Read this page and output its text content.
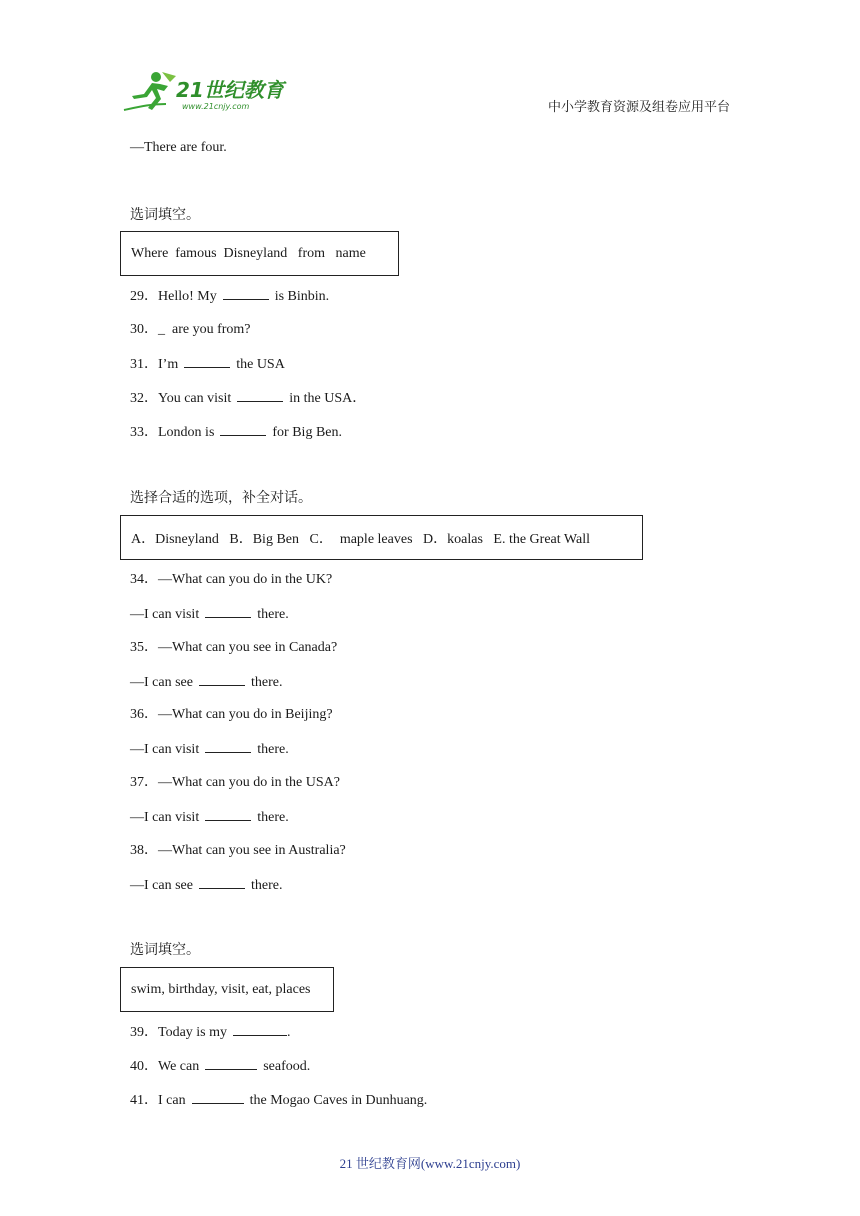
21世纪教育
www.21cnjy.com	中小学教育资源及组卷应用平台
—There are four.
选词填空。
Where  famous  Disneyland   from   name
29．Hello! My	is Binbin.
30．_ are you from?
31．I’m	the USA
32．You can visit	in the USA．
33．London is	for Big Ben.
选择合适的选项，补全对话。
A．Disneyland   B．Big Ben   C．  maple leaves   D．koalas   E. the Great Wall
34．—What can you do in the UK?
—I can visit	there.
35．—What can you see in Canada?
—I can see	there.
36．—What can you do in Beijing?
—I can visit	there.
37．—What can you do in the USA?
—I can visit	there.
38．—What can you see in Australia?
—I can see	there.
选词填空。
swim, birthday, visit, eat, places
39．Today is my	.
40．We can	seafood.
41．I can	the Mogao Caves in Dunhuang.
21 世纪教育网(www.21cnjy.com)
